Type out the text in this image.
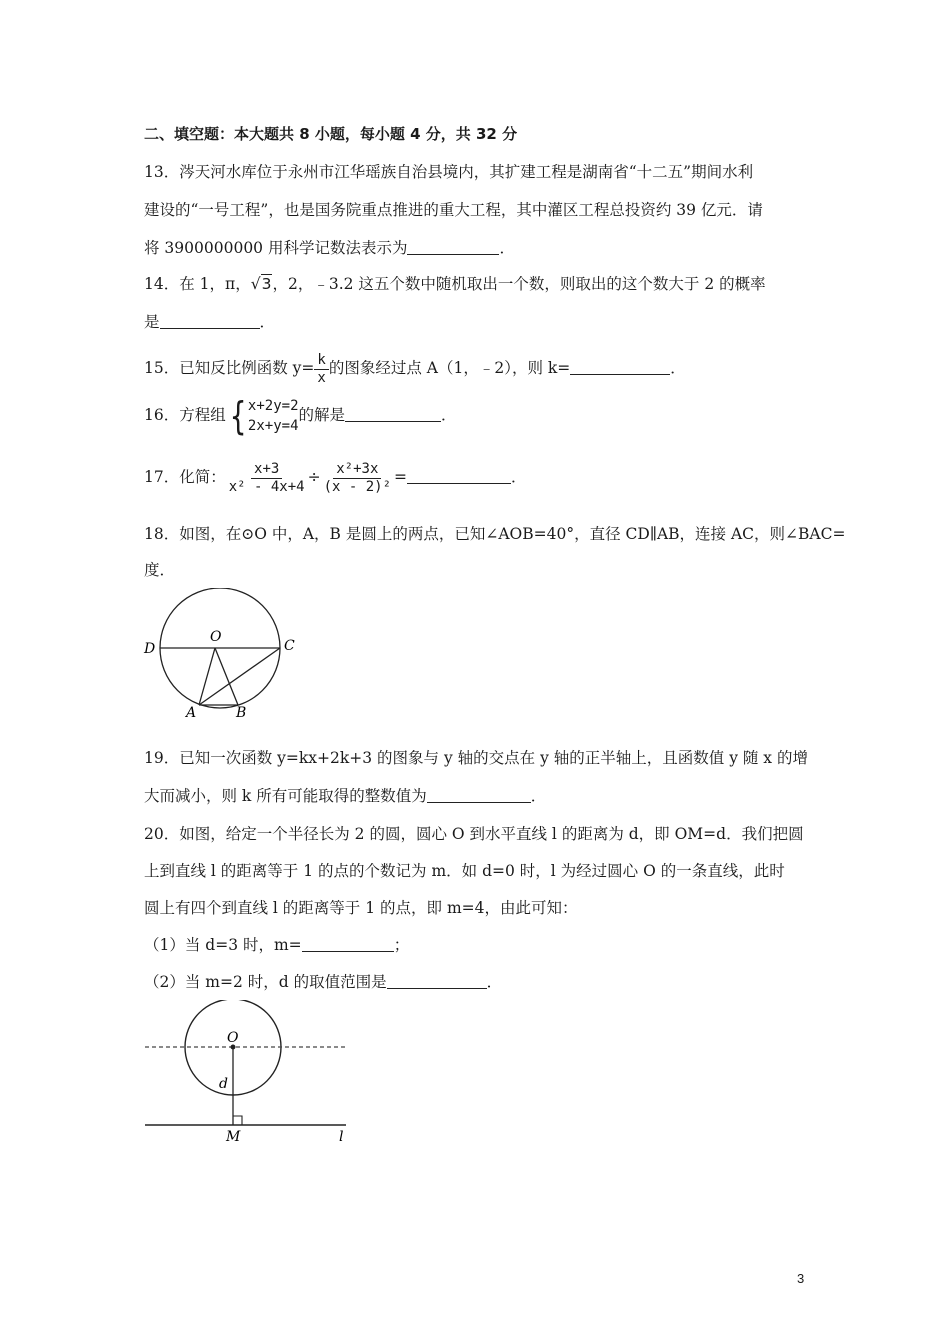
二、填空题：本大题共 8 小题，每小题 4 分，共 32 分
13．涔天河水库位于永州市江华瑶族自治县境内，其扩建工程是湖南省“十二五”期间水利
建设的“一号工程”，也是国务院重点推进的重大工程，其中灌区工程总投资约 39 亿元．请
将 3900000000 用科学记数法表示为	．
14．在 1，π，√3，2，﹣3.2 这五个数中随机取出一个数，则取出的这个数大于 2 的概率
是	．
15．已知反比例函数 $y= \frac{k}{x}$ 的图象经过点 A（1，﹣2），则 k=	．
16．方程组 { x+2y=2
2x+y=4
的解是	．
17．化简： $\frac{x+3}{\text{x² - 4x+4}} \div \frac{\text{x²+3x}}{\text{(x - 2)²}}$ =	．
18．如图，在⊙O 中，A，B 是圆上的两点，已知∠AOB=40°，直径 CD∥AB，连接 AC，则∠BAC=
度．
D
O
C
A	B
19．已知一次函数 y=kx+2k+3 的图象与 y 轴的交点在 y 轴的正半轴上，且函数值 y 随 x 的增
大而减小，则 k 所有可能取得的整数值为	．
20．如图，给定一个半径长为 2 的圆，圆心 O 到水平直线 l 的距离为 d，即 OM=d．我们把圆
上到直线 l 的距离等于 1 的点的个数记为 m．如 d=0 时，l 为经过圆心 O 的一条直线，此时
圆上有四个到直线 l 的距离等于 1 的点，即 m=4，由此可知：
（1）当 d=3 时，m=	；
（2）当 m=2 时，d 的取值范围是	．
O
d
M	l
3
